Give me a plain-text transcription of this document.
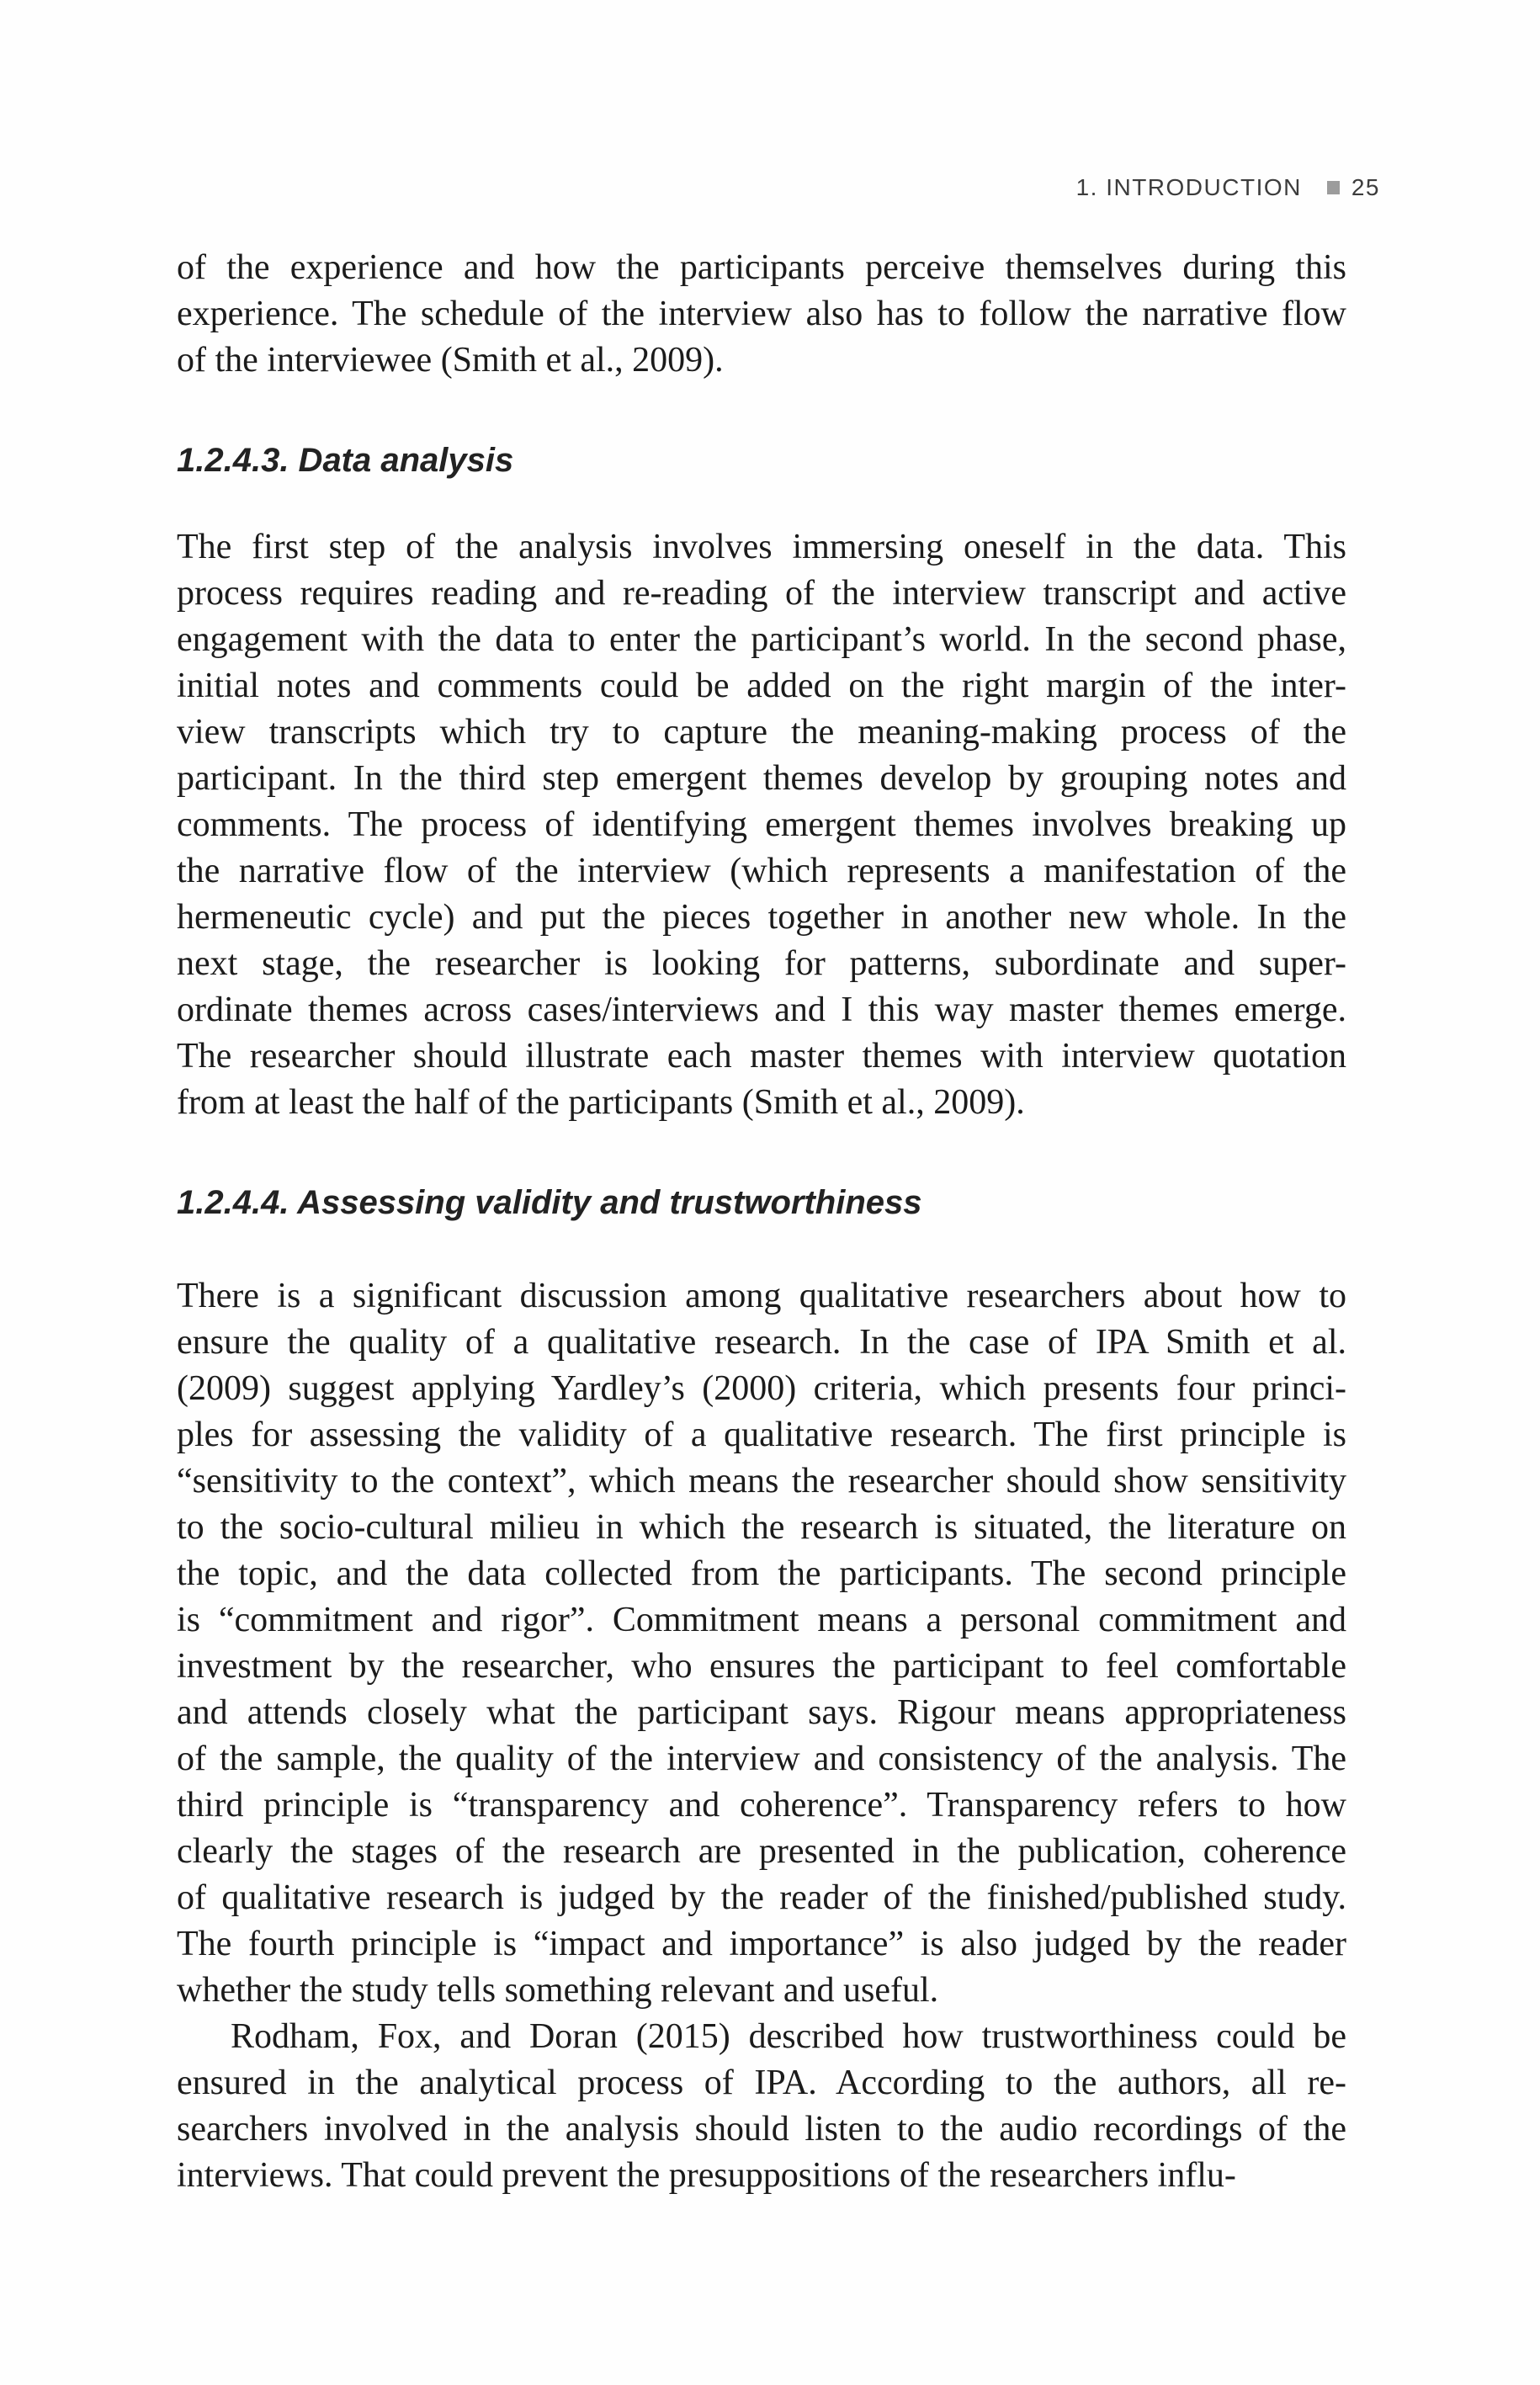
1. INTRODUCTION 25
of the experience and how the participants perceive themselves during this
experience. The schedule of the interview also has to follow the narrative flow
of the interviewee (Smith et al., 2009).
1.2.4.3. Data analysis
The first step of the analysis involves immersing oneself in the data. This
process requires reading and re-reading of the interview transcript and active
engagement with the data to enter the participant’s world. In the second phase,
initial notes and comments could be added on the right margin of the inter-
view transcripts which try to capture the meaning-making process of the
participant. In the third step emergent themes develop by grouping notes and
comments. The process of identifying emergent themes involves breaking up
the narrative flow of the interview (which represents a manifestation of the
hermeneutic cycle) and put the pieces together in another new whole. In the
next stage, the researcher is looking for patterns, subordinate and super-
ordinate themes across cases/interviews and I this way master themes emerge.
The researcher should illustrate each master themes with interview quotation
from at least the half of the participants (Smith et al., 2009).
1.2.4.4. Assessing validity and trustworthiness
There is a significant discussion among qualitative researchers about how to
ensure the quality of a qualitative research. In the case of IPA Smith et al.
(2009) suggest applying Yardley’s (2000) criteria, which presents four princi-
ples for assessing the validity of a qualitative research. The first principle is
“sensitivity to the context”, which means the researcher should show sensitivity
to the socio-cultural milieu in which the research is situated, the literature on
the topic, and the data collected from the participants. The second principle
is “commitment and rigor”. Commitment means a personal commitment and
investment by the researcher, who ensures the participant to feel comfortable
and attends closely what the participant says. Rigour means appropriateness
of the sample, the quality of the interview and consistency of the analysis. The
third principle is “transparency and coherence”. Transparency refers to how
clearly the stages of the research are presented in the publication, coherence
of qualitative research is judged by the reader of the finished/published study.
The fourth principle is “impact and importance” is also judged by the reader
whether the study tells something relevant and useful.
Rodham, Fox, and Doran (2015) described how trustworthiness could be
ensured in the analytical process of IPA. According to the authors, all re-
searchers involved in the analysis should listen to the audio recordings of the
interviews. That could prevent the presuppositions of the researchers influ-
